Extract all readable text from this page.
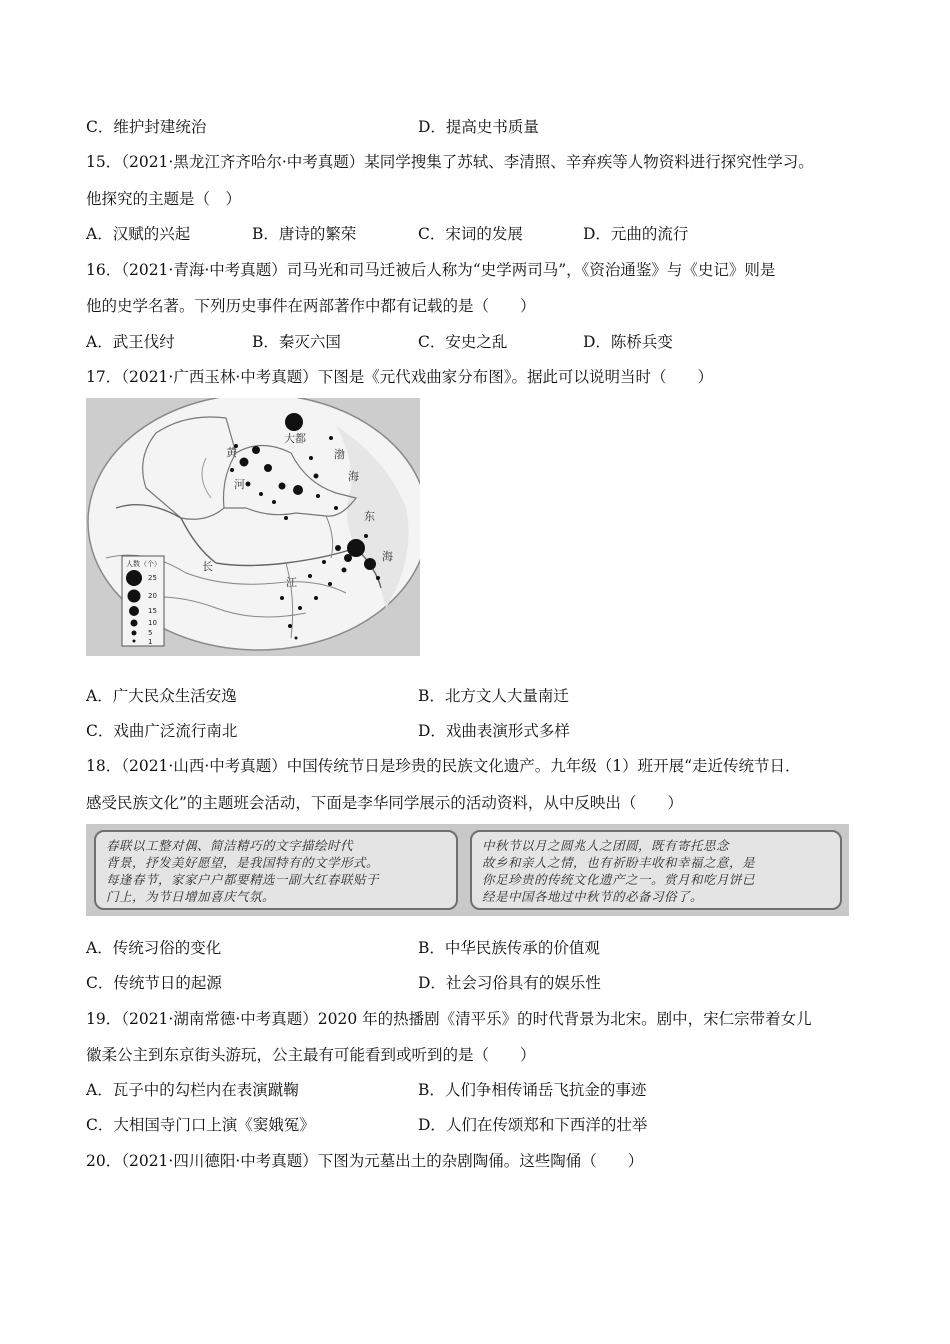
C．维护封建统治	D．提高史书质量
15．（2021·黑龙江齐齐哈尔·中考真题）某同学搜集了苏轼、李清照、辛弃疾等人物资料进行探究性学习。
他探究的主题是（　）
A．汉赋的兴起	B．唐诗的繁荣	C．宋词的发展	D．元曲的流行
16．（2021·青海·中考真题）司马光和司马迁被后人称为“史学两司马”，《资治通鉴》与《史记》则是
他的史学名著。下列历史事件在两部著作中都有记载的是（　　）
A．武王伐纣	B．秦灭六国	C．安史之乱	D．陈桥兵变
17．（2021·广西玉林·中考真题）下图是《元代戏曲家分布图》。据此可以说明当时（　　）
人数（个）
25
20
15
10
5
1
大都
渤
海
黄
河
东
海
长
江
A．广大民众生活安逸	B．北方文人大量南迁
C．戏曲广泛流行南北	D．戏曲表演形式多样
18．（2021·山西·中考真题）中国传统节日是珍贵的民族文化遗产。九年级（1）班开展“走近传统节日．
感受民族文化”的主题班会活动，下面是李华同学展示的活动资料，从中反映出（　　）
春联以工整对偶、简洁精巧的文字描绘时代
背景，抒发美好愿望，是我国特有的文学形式。
每逢春节，家家户户都要精选一副大红春联贴于
门上，为节日增加喜庆气氛。
中秋节以月之圆兆人之团圆，既有寄托思念
故乡和亲人之情，也有祈盼丰收和幸福之意，是
你足珍贵的传统文化遗产之一。赏月和吃月饼已
经是中国各地过中秋节的必备习俗了。
A．传统习俗的变化	B．中华民族传承的价值观
C．传统节日的起源	D．社会习俗具有的娱乐性
19．（2021·湖南常德·中考真题）2020 年的热播剧《清平乐》的时代背景为北宋。剧中，宋仁宗带着女儿
徽柔公主到东京街头游玩，公主最有可能看到或听到的是（　　）
A．瓦子中的勾栏内在表演蹴鞠	B．人们争相传诵岳飞抗金的事迹
C．大相国寺门口上演《窦娥冤》	D．人们在传颂郑和下西洋的壮举
20．（2021·四川德阳·中考真题）下图为元墓出土的杂剧陶俑。这些陶俑（　　）
